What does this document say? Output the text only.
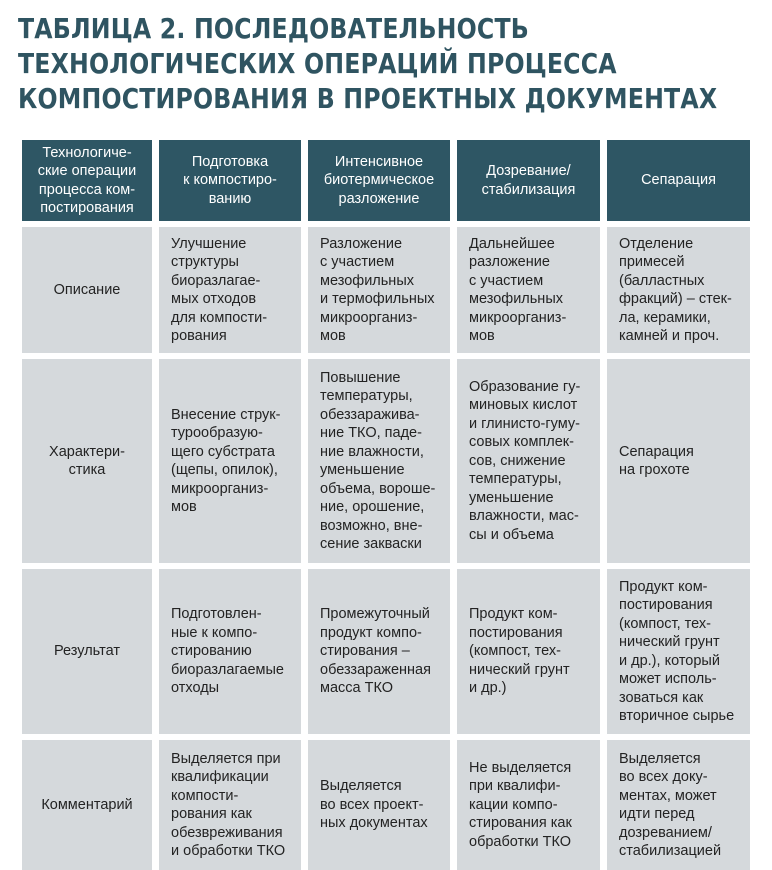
ТАБЛИЦА 2. ПОСЛЕДОВАТЕЛЬНОСТЬ
ТЕХНОЛОГИЧЕСКИХ ОПЕРАЦИЙ ПРОЦЕССА
КОМПОСТИРОВАНИЯ В ПРОЕКТНЫХ ДОКУМЕНТАХ
Технологиче-
ские операции
процесса ком-
постирования
Подготовка
к компостиро-
ванию
Интенсивное
биотермическое
разложение
Дозревание/
стабилизация
Сепарация
Описание
Улучшение
структуры
биоразлагае-
мых отходов
для компости-
рования
Разложение
с участием
мезофильных
и термофильных
микроорганиз-
мов
Дальнейшее
разложение
с участием
мезофильных
микроорганиз-
мов
Отделение
примесей
(балластных
фракций) – стек-
ла, керамики,
камней и проч.
Характери-
стика
Внесение струк-
турообразую-
щего субстрата
(щепы, опилок),
микроорганиз-
мов
Повышение
температуры,
обеззаражива-
ние ТКО, паде-
ние влажности,
уменьшение
объема, вороше-
ние, орошение,
возможно, вне-
сение закваски
Образование гу-
миновых кислот
и глинисто-гуму-
совых комплек-
сов, снижение
температуры,
уменьшение
влажности, мас-
сы и объема
Сепарация
на грохоте
Результат
Подготовлен-
ные к компо-
стированию
биоразлагаемые
отходы
Промежуточный
продукт компо-
стирования –
обеззараженная
масса ТКО
Продукт ком-
постирования
(компост, тех-
нический грунт
и др.)
Продукт ком-
постирования
(компост, тех-
нический грунт
и др.), который
может исполь-
зоваться как
вторичное сырье
Комментарий
Выделяется при
квалификации
компости-
рования как
обезвреживания
и обработки ТКО
Выделяется
во всех проект-
ных документах
Не выделяется
при квалифи-
кации компо-
стирования как
обработки ТКО
Выделяется
во всех доку-
ментах, может
идти перед
дозреванием/
стабилизацией
